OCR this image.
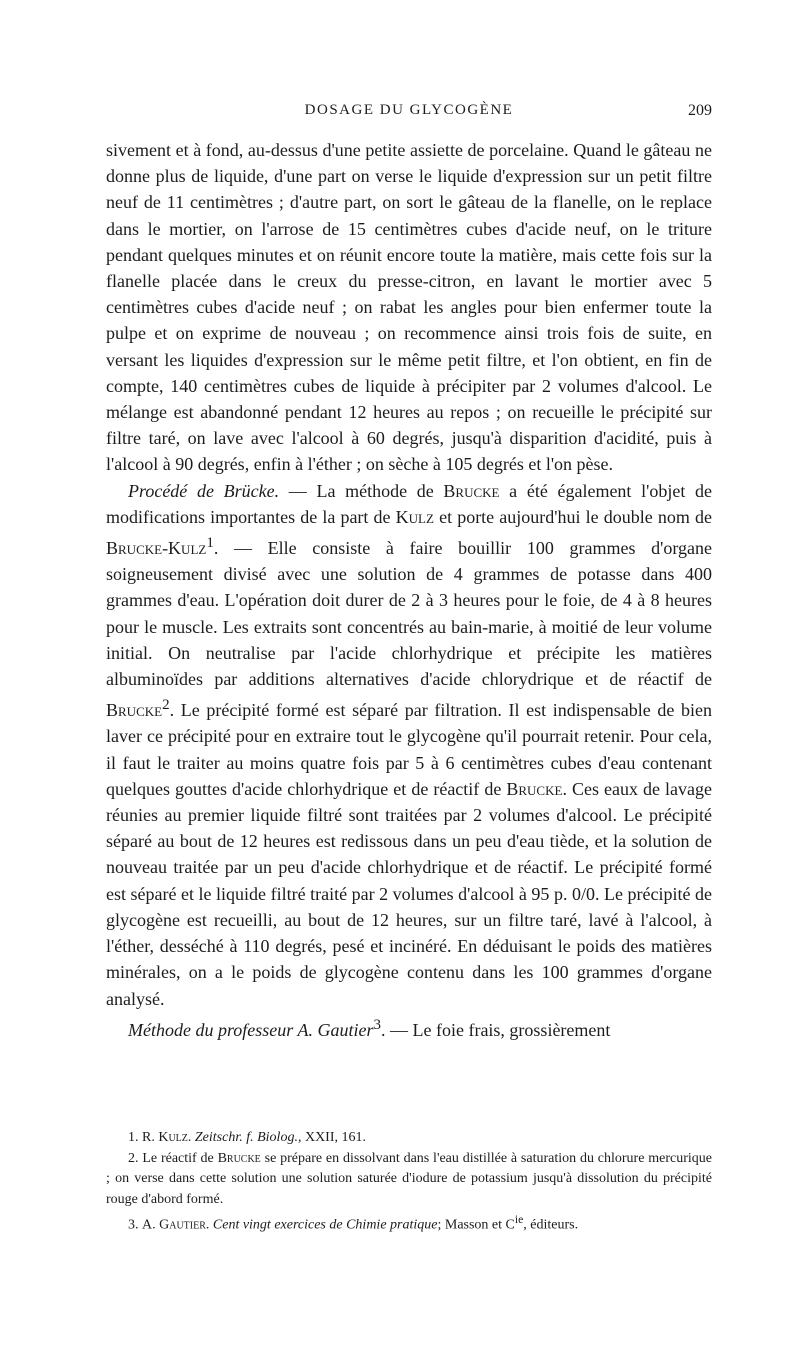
DOSAGE DU GLYCOGÈNE	209

sivement et à fond, au-dessus d'une petite assiette de porcelaine. Quand le gâteau ne donne plus de liquide, d'une part on verse le liquide d'expression sur un petit filtre neuf de 11 centimètres ; d'autre part, on sort le gâteau de la flanelle, on le replace dans le mortier, on l'arrose de 15 centimètres cubes d'acide neuf, on le triture pendant quelques minutes et on réunit encore toute la matière, mais cette fois sur la flanelle placée dans le creux du presse-citron, en lavant le mortier avec 5 centimètres cubes d'acide neuf ; on rabat les angles pour bien enfermer toute la pulpe et on exprime de nouveau ; on recommence ainsi trois fois de suite, en versant les liquides d'expression sur le même petit filtre, et l'on obtient, en fin de compte, 140 centimètres cubes de liquide à précipiter par 2 volumes d'alcool. Le mélange est abandonné pendant 12 heures au repos ; on recueille le précipité sur filtre taré, on lave avec l'alcool à 60 degrés, jusqu'à disparition d'acidité, puis à l'alcool à 90 degrés, enfin à l'éther ; on sèche à 105 degrés et l'on pèse.

Procédé de Brücke. — La méthode de Brucke a été également l'objet de modifications importantes de la part de Kulz et porte aujourd'hui le double nom de Brucke-Kulz$^1$. — Elle consiste à faire bouillir 100 grammes d'organe soigneusement divisé avec une solution de 4 grammes de potasse dans 400 grammes d'eau. L'opération doit durer de 2 à 3 heures pour le foie, de 4 à 8 heures pour le muscle. Les extraits sont concentrés au bain-marie, à moitié de leur volume initial. On neutralise par l'acide chlorhydrique et précipite les matières albuminoïdes par additions alternatives d'acide chlorydrique et de réactif de Brucke$^2$. Le précipité formé est séparé par filtration. Il est indispensable de bien laver ce précipité pour en extraire tout le glycogène qu'il pourrait retenir. Pour cela, il faut le traiter au moins quatre fois par 5 à 6 centimètres cubes d'eau contenant quelques gouttes d'acide chlorhydrique et de réactif de Brucke. Ces eaux de lavage réunies au premier liquide filtré sont traitées par 2 volumes d'alcool. Le précipité séparé au bout de 12 heures est redissous dans un peu d'eau tiède, et la solution de nouveau traitée par un peu d'acide chlorhydrique et de réactif. Le précipité formé est séparé et le liquide filtré traité par 2 volumes d'alcool à 95 p. 0/0. Le précipité de glycogène est recueilli, au bout de 12 heures, sur un filtre taré, lavé à l'alcool, à l'éther, desséché à 110 degrés, pesé et incinéré. En déduisant le poids des matières minérales, on a le poids de glycogène contenu dans les 100 grammes d'organe analysé.

Méthode du professeur A. Gautier$^3$. — Le foie frais, grossièrement

1. R. Kulz. Zeitschr. f. Biolog., XXII, 161.

2. Le réactif de Brucke se prépare en dissolvant dans l'eau distillée à saturation du chlorure mercurique ; on verse dans cette solution une solution saturée d'iodure de potassium jusqu'à dissolution du précipité rouge d'abord formé.

3. A. Gautier. Cent vingt exercices de Chimie pratique; Masson et $C^{ie}$, éditeurs.
